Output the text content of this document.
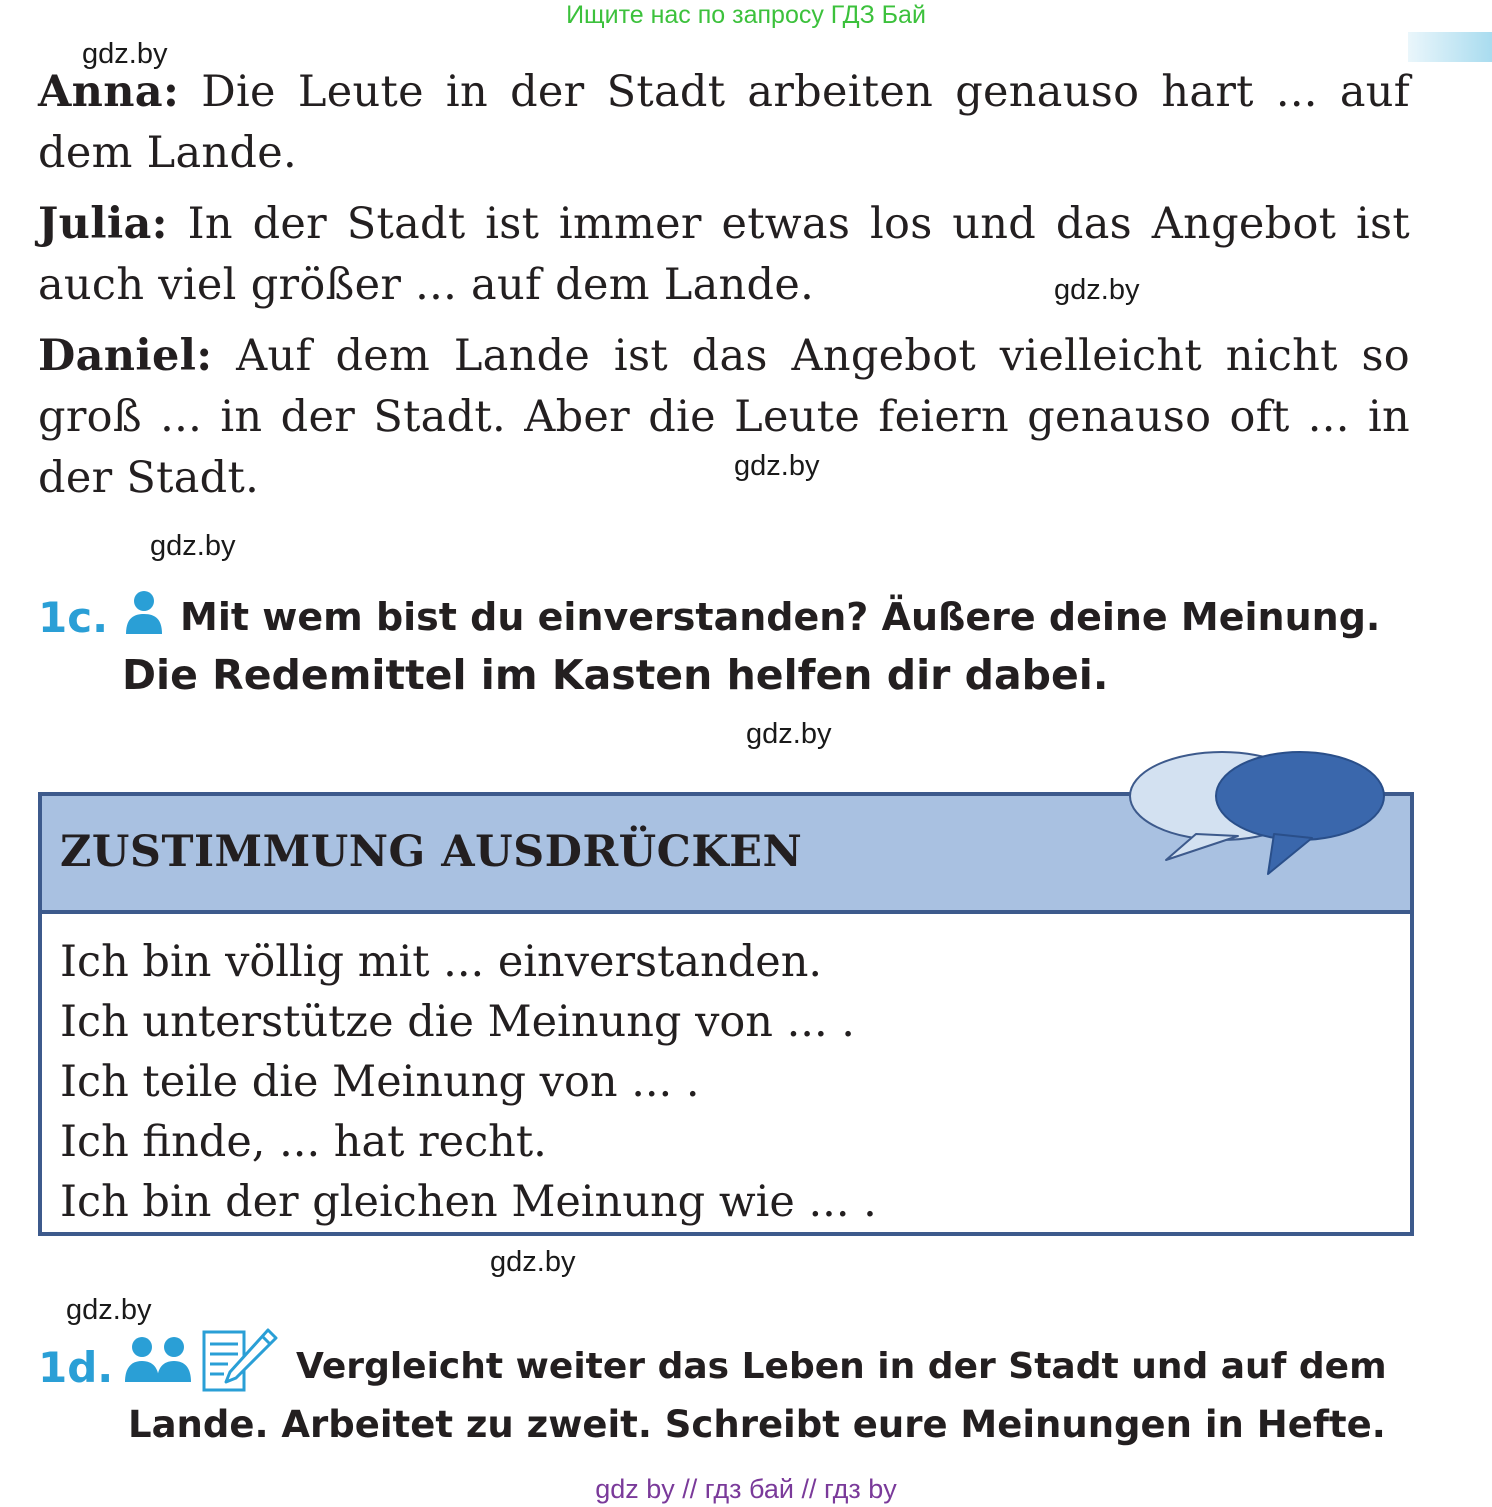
Ищите нас по запросу ГДЗ Бай
gdz.by
gdz.by
gdz.by
gdz.by
gdz.by
gdz.by
gdz.by
Anna: Die Leute in der Stadt arbeiten genauso hart ... auf dem Lande.
Julia: In der Stadt ist immer etwas los und das Angebot ist auch viel größer ... auf dem Lande.
Daniel: Auf dem Lande ist das Angebot vielleicht nicht so groß ... in der Stadt. Aber die Leute feiern genauso oft ... in der Stadt.
1c. Mit wem bist du einverstanden? Äußere deine Meinung.
Die Redemittel im Kasten helfen dir dabei.
ZUSTIMMUNG AUSDRÜCKEN
Ich bin völlig mit ... einverstanden.
Ich unterstütze die Meinung von ... .
Ich teile die Meinung von ... .
Ich finde, ... hat recht.
Ich bin der gleichen Meinung wie ... .
1d.	Vergleicht weiter das Leben in der Stadt und auf dem
Lande. Arbeitet zu zweit. Schreibt eure Meinungen in Hefte.
gdz by // гдз бай // гдз by
